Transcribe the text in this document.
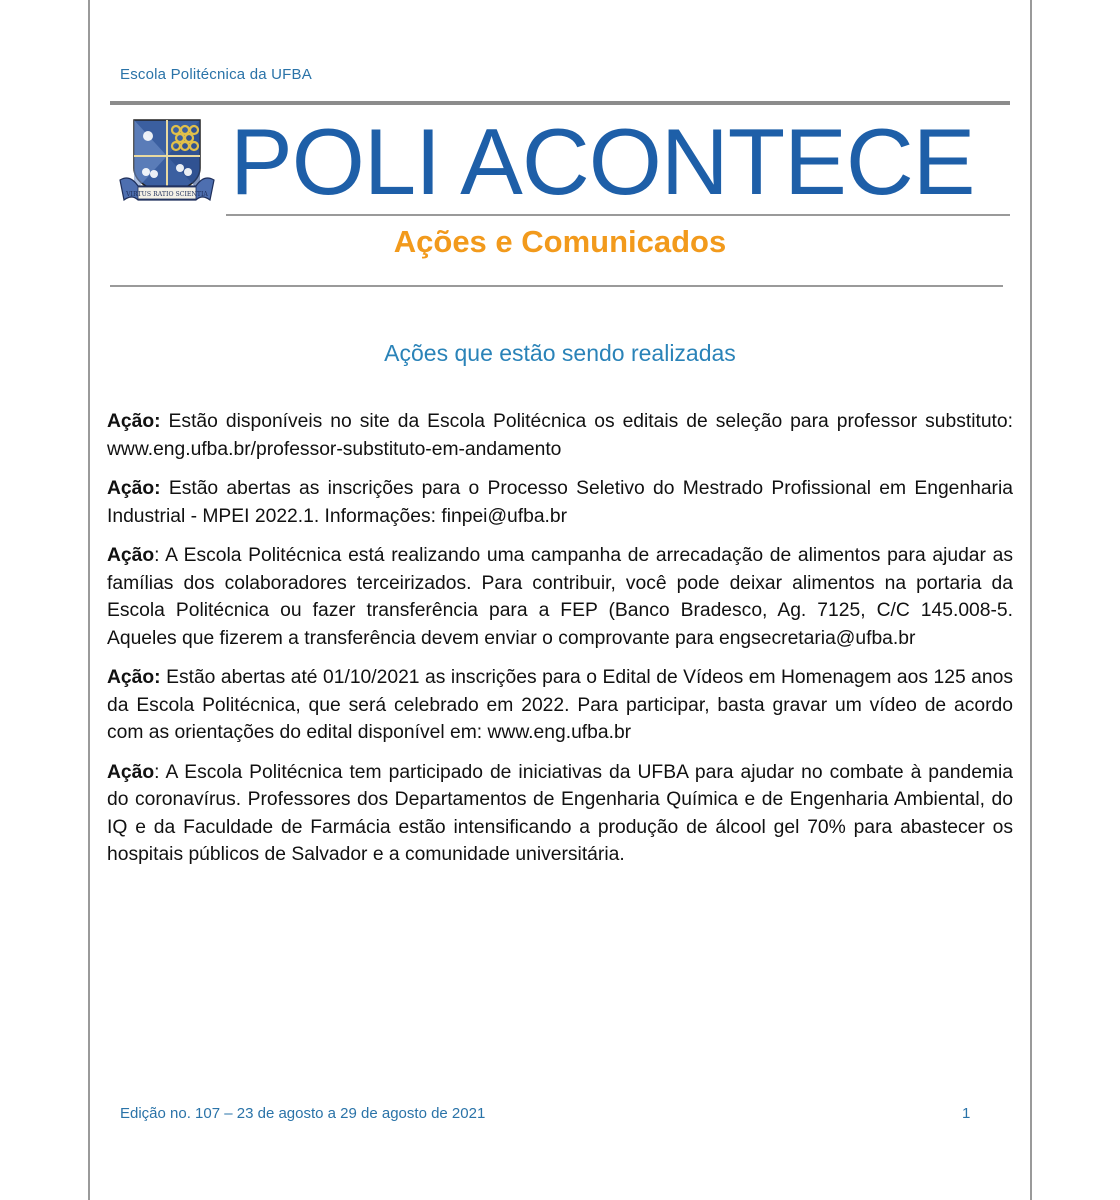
Escola Politécnica da UFBA
VIRTUS RATIO SCIENTIA POLI ACONTECE
Ações e Comunicados
Ações que estão sendo realizadas

Ação: Estão disponíveis no site da Escola Politécnica os editais de seleção para professor substituto: www.eng.ufba.br/professor-substituto-em-andamento

Ação: Estão abertas as inscrições para o Processo Seletivo do Mestrado Profissional em Engenharia Industrial - MPEI 2022.1. Informações: finpei@ufba.br

Ação: A Escola Politécnica está realizando uma campanha de arrecadação de alimentos para ajudar as famílias dos colaboradores terceirizados. Para contribuir, você pode deixar alimentos na portaria da Escola Politécnica ou fazer transferência para a FEP (Banco Bradesco, Ag. 7125, C/C 145.008-5. Aqueles que fizerem a transferência devem enviar o comprovante para engsecretaria@ufba.br

Ação: Estão abertas até 01/10/2021 as inscrições para o Edital de Vídeos em Homenagem aos 125 anos da Escola Politécnica, que será celebrado em 2022. Para participar, basta gravar um vídeo de acordo com as orientações do edital disponível em: www.eng.ufba.br

Ação: A Escola Politécnica tem participado de iniciativas da UFBA para ajudar no combate à pandemia do coronavírus. Professores dos Departamentos de Engenharia Química e de Engenharia Ambiental, do IQ e da Faculdade de Farmácia estão intensificando a produção de álcool gel 70% para abastecer os hospitais públicos de Salvador e a comunidade universitária.

Edição no. 107 – 23 de agosto a 29 de agosto de 2021	1
